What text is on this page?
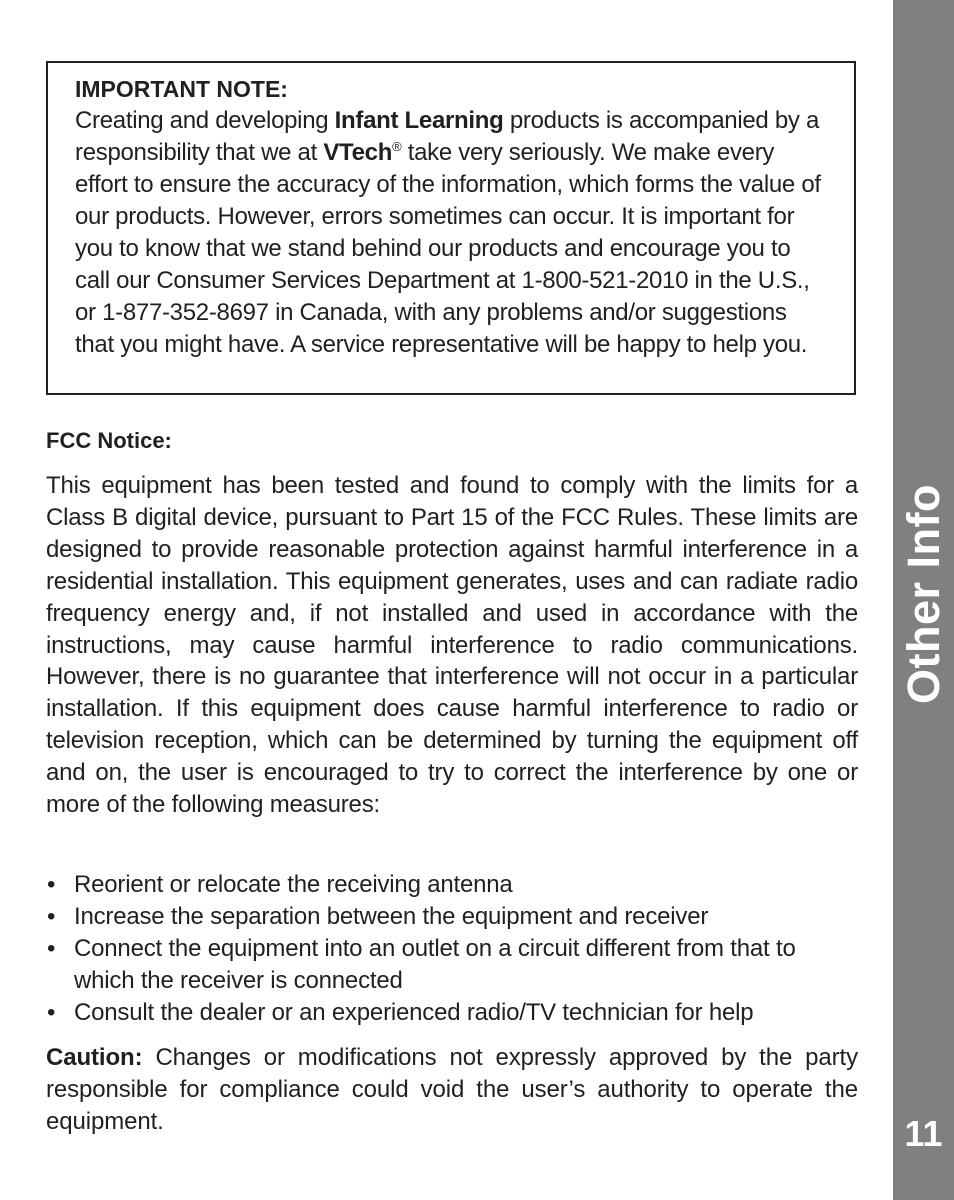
IMPORTANT NOTE:

Creating and developing Infant Learning products is accompanied by a responsibility that we at VTech® take very seriously. We make every effort to ensure the accuracy of the information, which forms the value of our products. However, errors sometimes can occur. It is important for you to know that we stand behind our products and encourage you to call our Consumer Services Department at 1-800-521-2010 in the U.S., or 1-877-352-8697 in Canada, with any problems and/or suggestions that you might have. A service representative will be happy to help you.

FCC Notice:

This equipment has been tested and found to comply with the limits for a Class B digital device, pursuant to Part 15 of the FCC Rules. These limits are designed to provide reasonable protection against harmful interference in a residential installation. This equipment generates, uses and can radiate radio frequency energy and, if not installed and used in accordance with the instructions, may cause harmful interference to radio communications. However, there is no guarantee that interference will not occur in a particular installation. If this equipment does cause harmful interference to radio or television reception, which can be determined by turning the equipment off and on, the user is encouraged to try to correct the interference by one or more of the following measures:

• Reorient or relocate the receiving antenna
• Increase the separation between the equipment and receiver
• Connect the equipment into an outlet on a circuit different from that to which the receiver is connected
• Consult the dealer or an experienced radio/TV technician for help

Caution: Changes or modifications not expressly approved by the party responsible for compliance could void the user’s authority to operate the equipment.

Other Info
11
